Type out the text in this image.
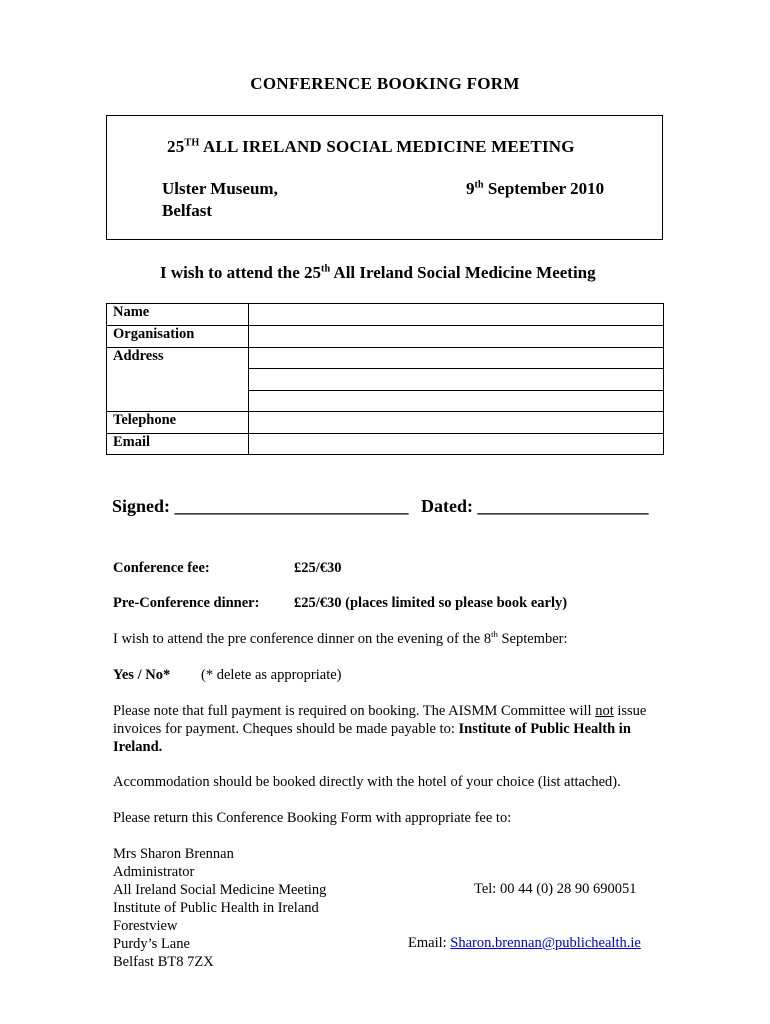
CONFERENCE BOOKING FORM
25TH ALL IRELAND SOCIAL MEDICINE MEETING
Ulster Museum,
Belfast
9th September 2010
I wish to attend the 25th All Ireland Social Medicine Meeting
Name	
Organisation	
Address	

Telephone	
Email	
Signed: __________________________ Dated: ___________________
Conference fee:	£25/€30
Pre-Conference dinner: £25/€30 (places limited so please book early)
I wish to attend the pre conference dinner on the evening of the 8th September:
Yes / No* (* delete as appropriate)
Please note that full payment is required on booking. The AISMM Committee will not issue invoices for payment. Cheques should be made payable to: Institute of Public Health in Ireland.
Accommodation should be booked directly with the hotel of your choice (list attached).
Please return this Conference Booking Form with appropriate fee to:
Mrs Sharon Brennan
Administrator
All Ireland Social Medicine Meeting
Institute of Public Health in Ireland
Forestview
Purdy’s Lane
Belfast BT8 7ZX
Tel: 00 44 (0) 28 90 690051
Email: Sharon.brennan@publichealth.ie
